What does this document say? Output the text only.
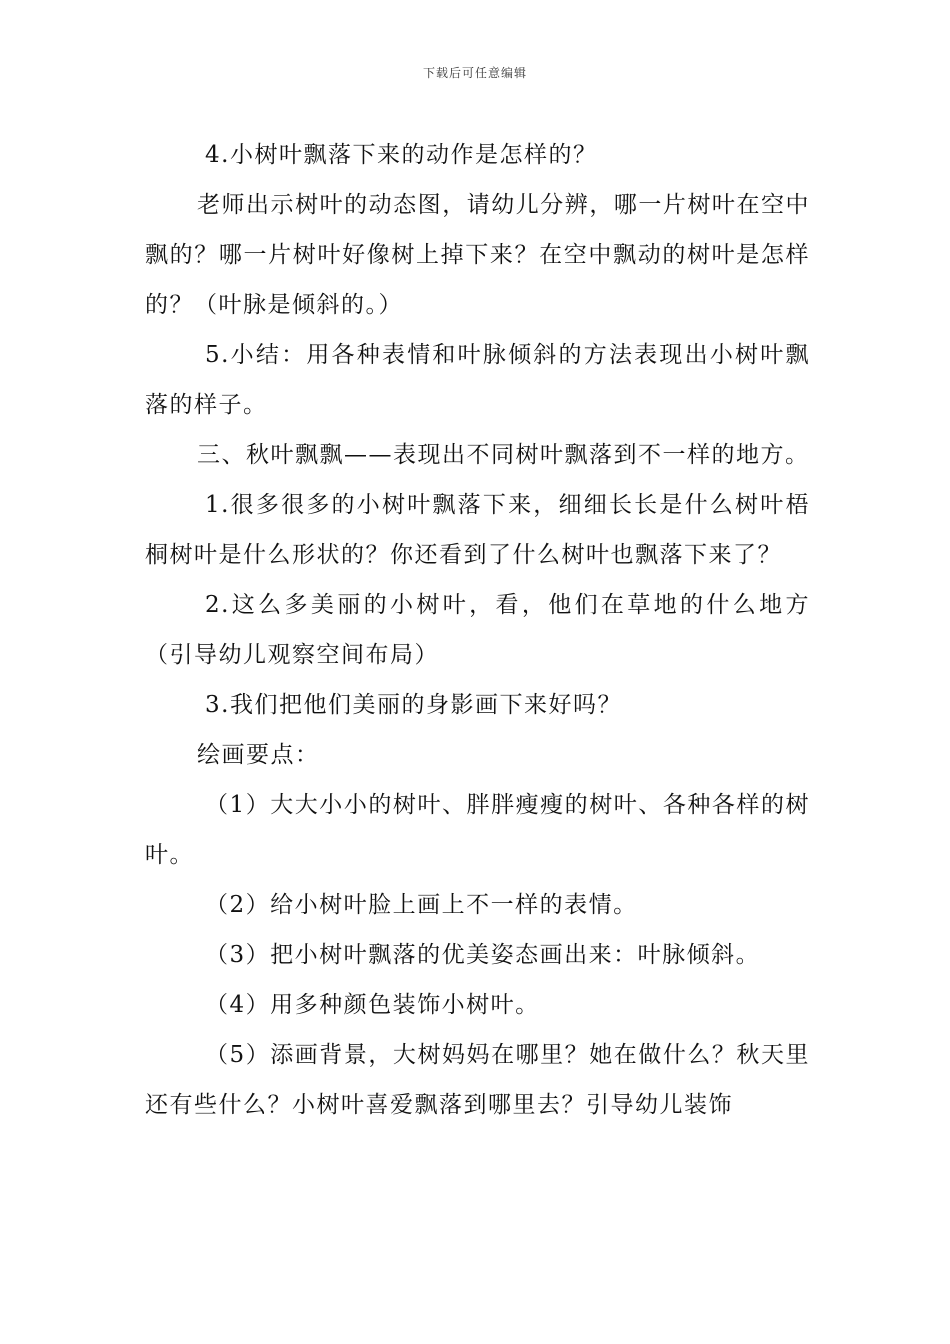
下载后可任意编辑

4.小树叶飘落下来的动作是怎样的？

老师出示树叶的动态图，请幼儿分辨，哪一片树叶在空中飘的？哪一片树叶好像树上掉下来？在空中飘动的树叶是怎样的？（叶脉是倾斜的。）

5.小结：用各种表情和叶脉倾斜的方法表现出小树叶飘落的样子。

三、秋叶飘飘——表现出不同树叶飘落到不一样的地方。

1.很多很多的小树叶飘落下来，细细长长是什么树叶梧桐树叶是什么形状的？你还看到了什么树叶也飘落下来了？

2.这么多美丽的小树叶，看，他们在草地的什么地方（引导幼儿观察空间布局）

3.我们把他们美丽的身影画下来好吗？

绘画要点：

（1）大大小小的树叶、胖胖瘦瘦的树叶、各种各样的树叶。

（2）给小树叶脸上画上不一样的表情。

（3）把小树叶飘落的优美姿态画出来：叶脉倾斜。

（4）用多种颜色装饰小树叶。

（5）添画背景，大树妈妈在哪里？她在做什么？秋天里还有些什么？小树叶喜爱飘落到哪里去？引导幼儿装饰
